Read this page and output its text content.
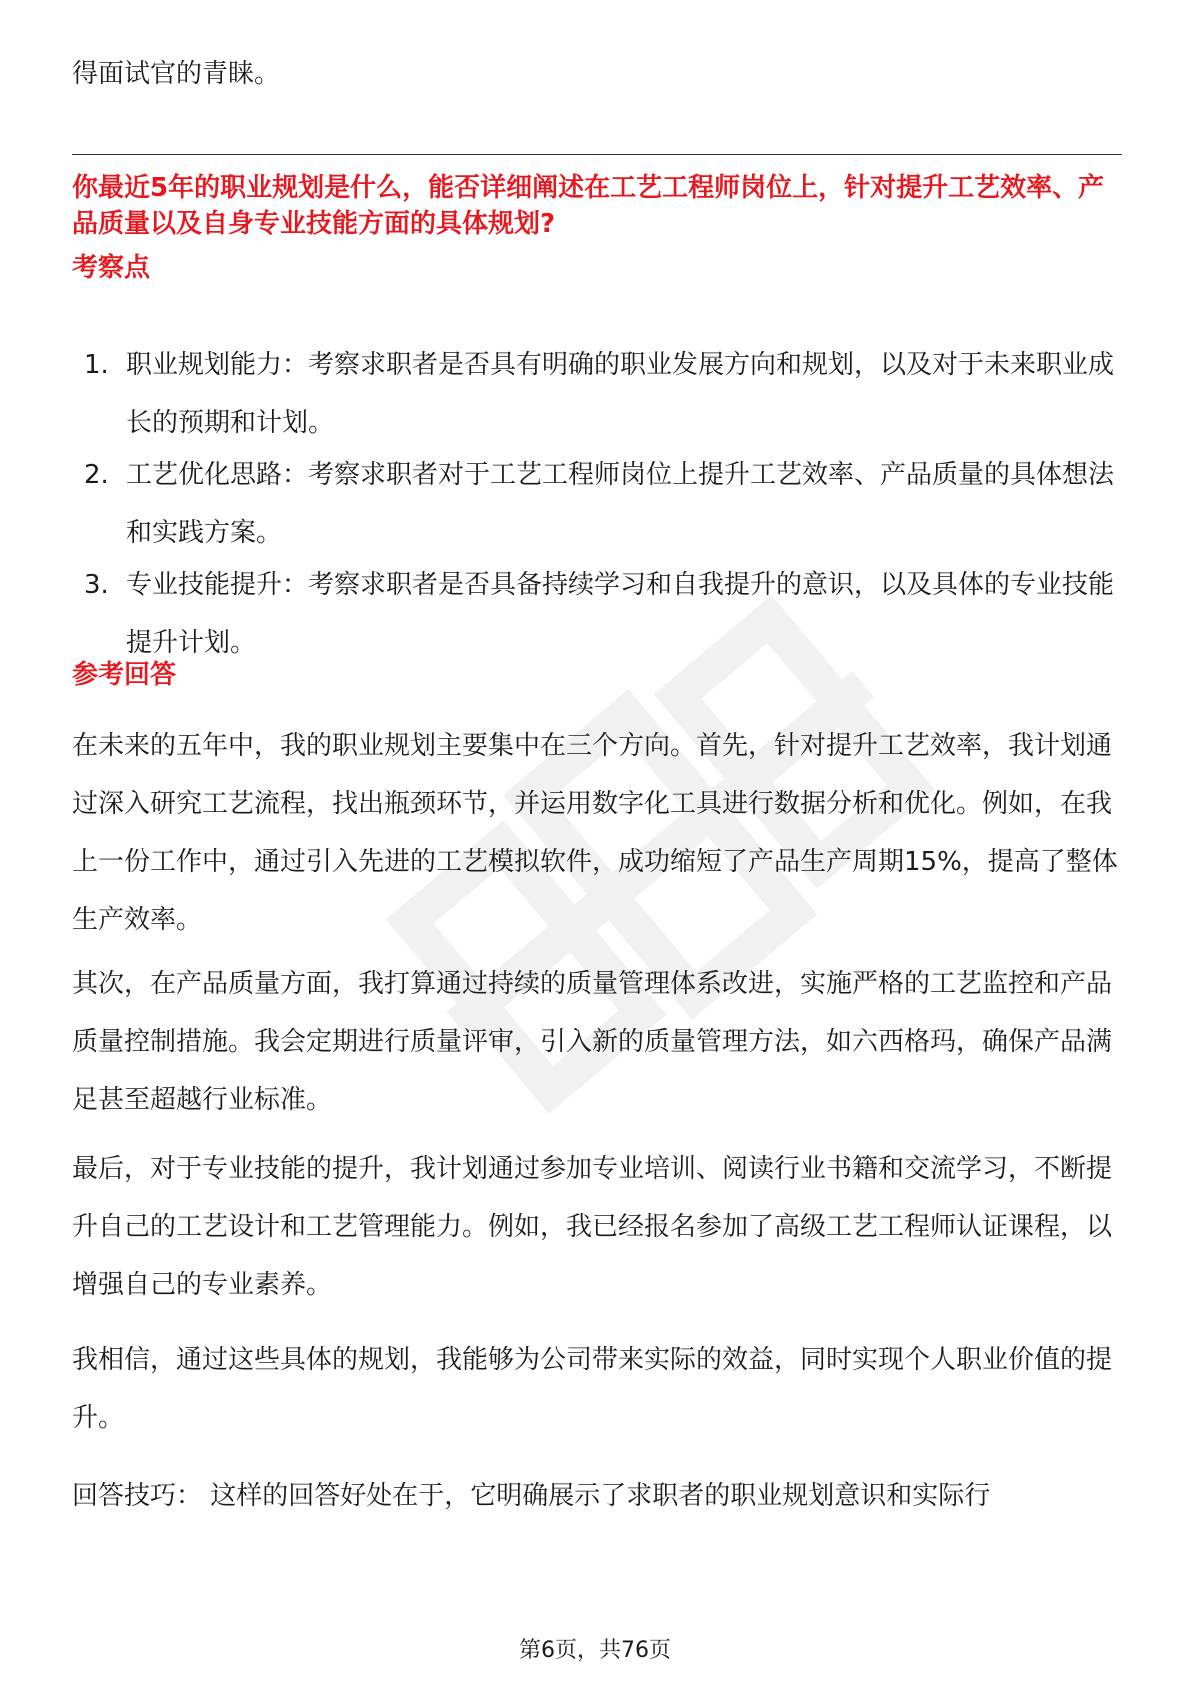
得面试官的青睐。

你最近5年的职业规划是什么，能否详细阐述在工艺工程师岗位上，针对提升工艺效率、产品质量以及自身专业技能方面的具体规划?

考察点

1. 职业规划能力：考察求职者是否具有明确的职业发展方向和规划，以及对于未来职业成长的预期和计划。
2. 工艺优化思路：考察求职者对于工艺工程师岗位上提升工艺效率、产品质量的具体想法和实践方案。
3. 专业技能提升：考察求职者是否具备持续学习和自我提升的意识，以及具体的专业技能提升计划。

参考回答

在未来的五年中，我的职业规划主要集中在三个方向。首先，针对提升工艺效率，我计划通过深入研究工艺流程，找出瓶颈环节，并运用数字化工具进行数据分析和优化。例如，在我上一份工作中，通过引入先进的工艺模拟软件，成功缩短了产品生产周期15%，提高了整体生产效率。

其次，在产品质量方面，我打算通过持续的质量管理体系改进，实施严格的工艺监控和产品质量控制措施。我会定期进行质量评审，引入新的质量管理方法，如六西格玛，确保产品满足甚至超越行业标准。

最后，对于专业技能的提升，我计划通过参加专业培训、阅读行业书籍和交流学习，不断提升自己的工艺设计和工艺管理能力。例如，我已经报名参加了高级工艺工程师认证课程，以增强自己的专业素养。

我相信，通过这些具体的规划，我能够为公司带来实际的效益，同时实现个人职业价值的提升。

回答技巧： 这样的回答好处在于，它明确展示了求职者的职业规划意识和实际行

第6页，共76页
